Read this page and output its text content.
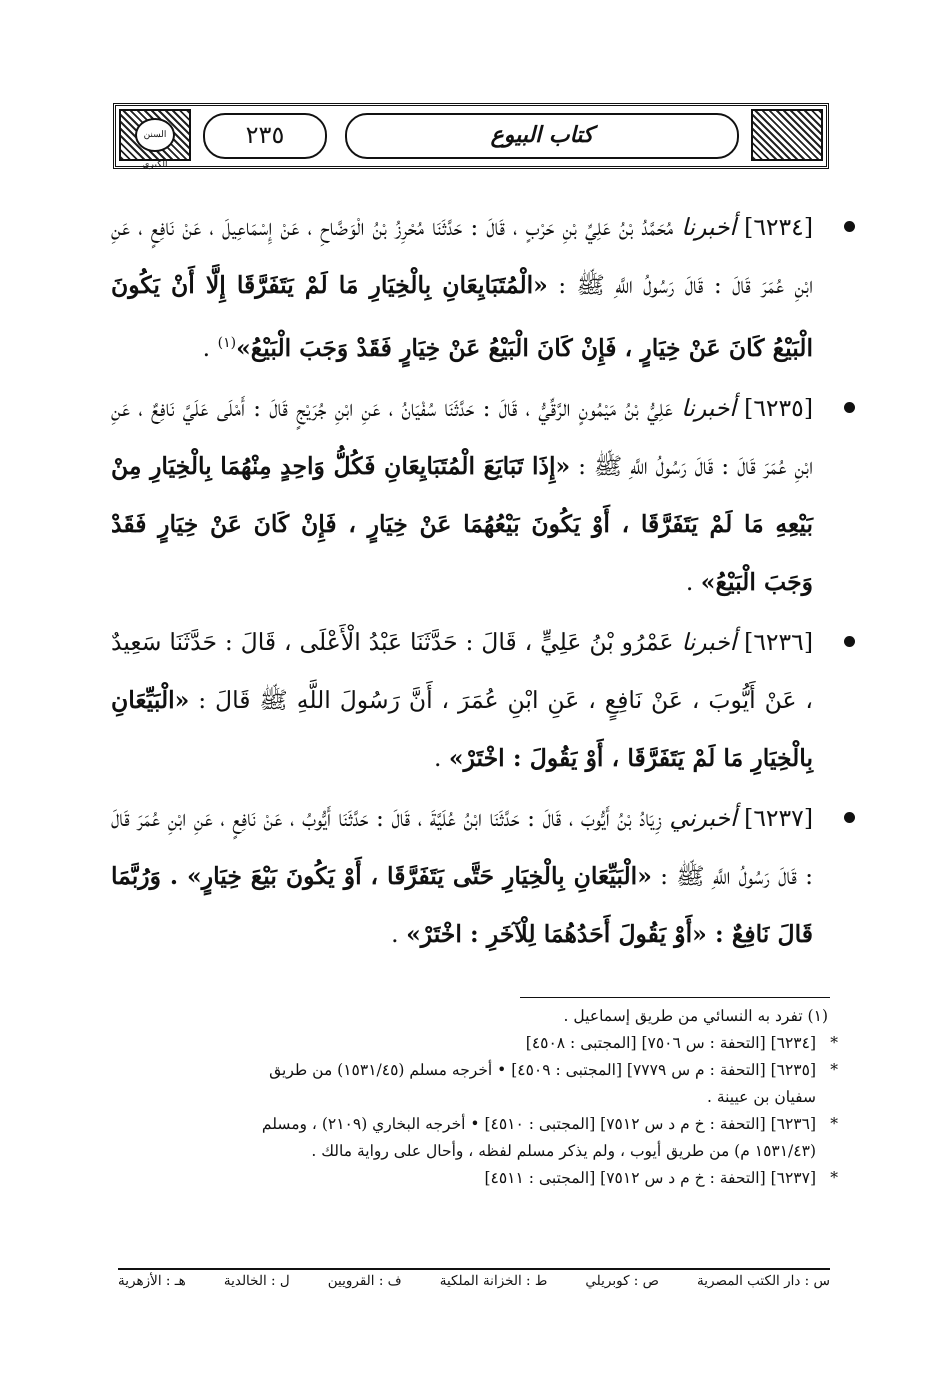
السنن الكبرى
٢٣٥	كتاب البيوع
[٦٢٣٤] أخبرنا مُحَمَّدُ بْنُ عَلِيِّ بْنِ حَرْبٍ ، قَالَ : حَدَّثَنَا مُحْرِزُ بْنُ الْوَضَّاحِ ، عَنْ إِسْمَاعِيلَ ، عَنْ نَافِعٍ ، عَنِ ابْنِ عُمَرَ قَالَ : قَالَ رَسُولُ اللَّهِ ﷺ : «الْمُتَبَايِعَانِ بِالْخِيَارِ مَا لَمْ يَتَفَرَّقَا إِلَّا أَنْ يَكُونَ الْبَيْعُ كَانَ عَنْ خِيَارٍ ، فَإِنْ كَانَ الْبَيْعُ عَنْ خِيَارٍ فَقَدْ وَجَبَ الْبَيْعُ»$^{(١)}$ .
[٦٢٣٥] أخبرنا عَلِيُّ بْنُ مَيْمُونٍ الرَّقِّيُّ ، قَالَ : حَدَّثَنَا سُفْيَانُ ، عَنِ ابْنِ جُرَيْجٍ قَالَ : أَمْلَى عَلَيَّ نَافِعٌ ، عَنِ ابْنِ عُمَرَ قَالَ : قَالَ رَسُولُ اللَّهِ ﷺ : «إِذَا تَبَايَعَ الْمُتَبَايِعَانِ فَكُلُّ وَاحِدٍ مِنْهُمَا بِالْخِيَارِ مِنْ بَيْعِهِ مَا لَمْ يَتَفَرَّقَا ، أَوْ يَكُونَ بَيْعُهُمَا عَنْ خِيَارٍ ، فَإِنْ كَانَ عَنْ خِيَارٍ فَقَدْ وَجَبَ الْبَيْعُ» .
[٦٢٣٦] أخبرنا عَمْرُو بْنُ عَلِيٍّ ، قَالَ : حَدَّثَنَا عَبْدُ الْأَعْلَى ، قَالَ : حَدَّثَنَا سَعِيدٌ ، عَنْ أَيُّوبَ ، عَنْ نَافِعٍ ، عَنِ ابْنِ عُمَرَ ، أَنَّ رَسُولَ اللَّهِ ﷺ قَالَ : «الْبَيِّعَانِ بِالْخِيَارِ مَا لَمْ يَتَفَرَّقَا ، أَوْ يَقُولَ : اخْتَرْ» .
[٦٢٣٧] أخبرني زِيَادُ بْنُ أَيُّوبَ ، قَالَ : حَدَّثَنَا ابْنُ عُلَيَّةَ ، قَالَ : حَدَّثَنَا أَيُّوبُ ، عَنْ نَافِعٍ ، عَنِ ابْنِ عُمَرَ قَالَ : قَالَ رَسُولُ اللَّهِ ﷺ : «الْبَيِّعَانِ بِالْخِيَارِ حَتَّى يَتَفَرَّقَا ، أَوْ يَكُونَ بَيْعَ خِيَارٍ» . وَرُبَّمَا قَالَ نَافِعٌ : «أَوْ يَقُولَ أَحَدُهُمَا لِلْآخَرِ : اخْتَرْ» .
(١) تفرد به النسائي من طريق إسماعيل .
*
[٦٢٣٤] [التحفة : س ٧٥٠٦] [المجتبى : ٤٥٠٨]
*
[٦٢٣٥] [التحفة : م س ٧٧٧٩] [المجتبى : ٤٥٠٩] • أخرجه مسلم (١٥٣١/٤٥) من طريق
سفيان بن عيينة .
*
[٦٢٣٦] [التحفة : خ م د س ٧٥١٢] [المجتبى : ٤٥١٠] • أخرجه البخاري (٢١٠٩) ، ومسلم
(١٥٣١/٤٣ م) من طريق أيوب ، ولم يذكر مسلم لفظه ، وأحال على رواية مالك .
*
[٦٢٣٧] [التحفة : خ م د س ٧٥١٢] [المجتبى : ٤٥١١]
س : دار الكتب المصرية
ص : كوبريلي
ط : الخزانة الملكية
ف : القرويين
ل : الخالدية
هـ : الأزهرية
